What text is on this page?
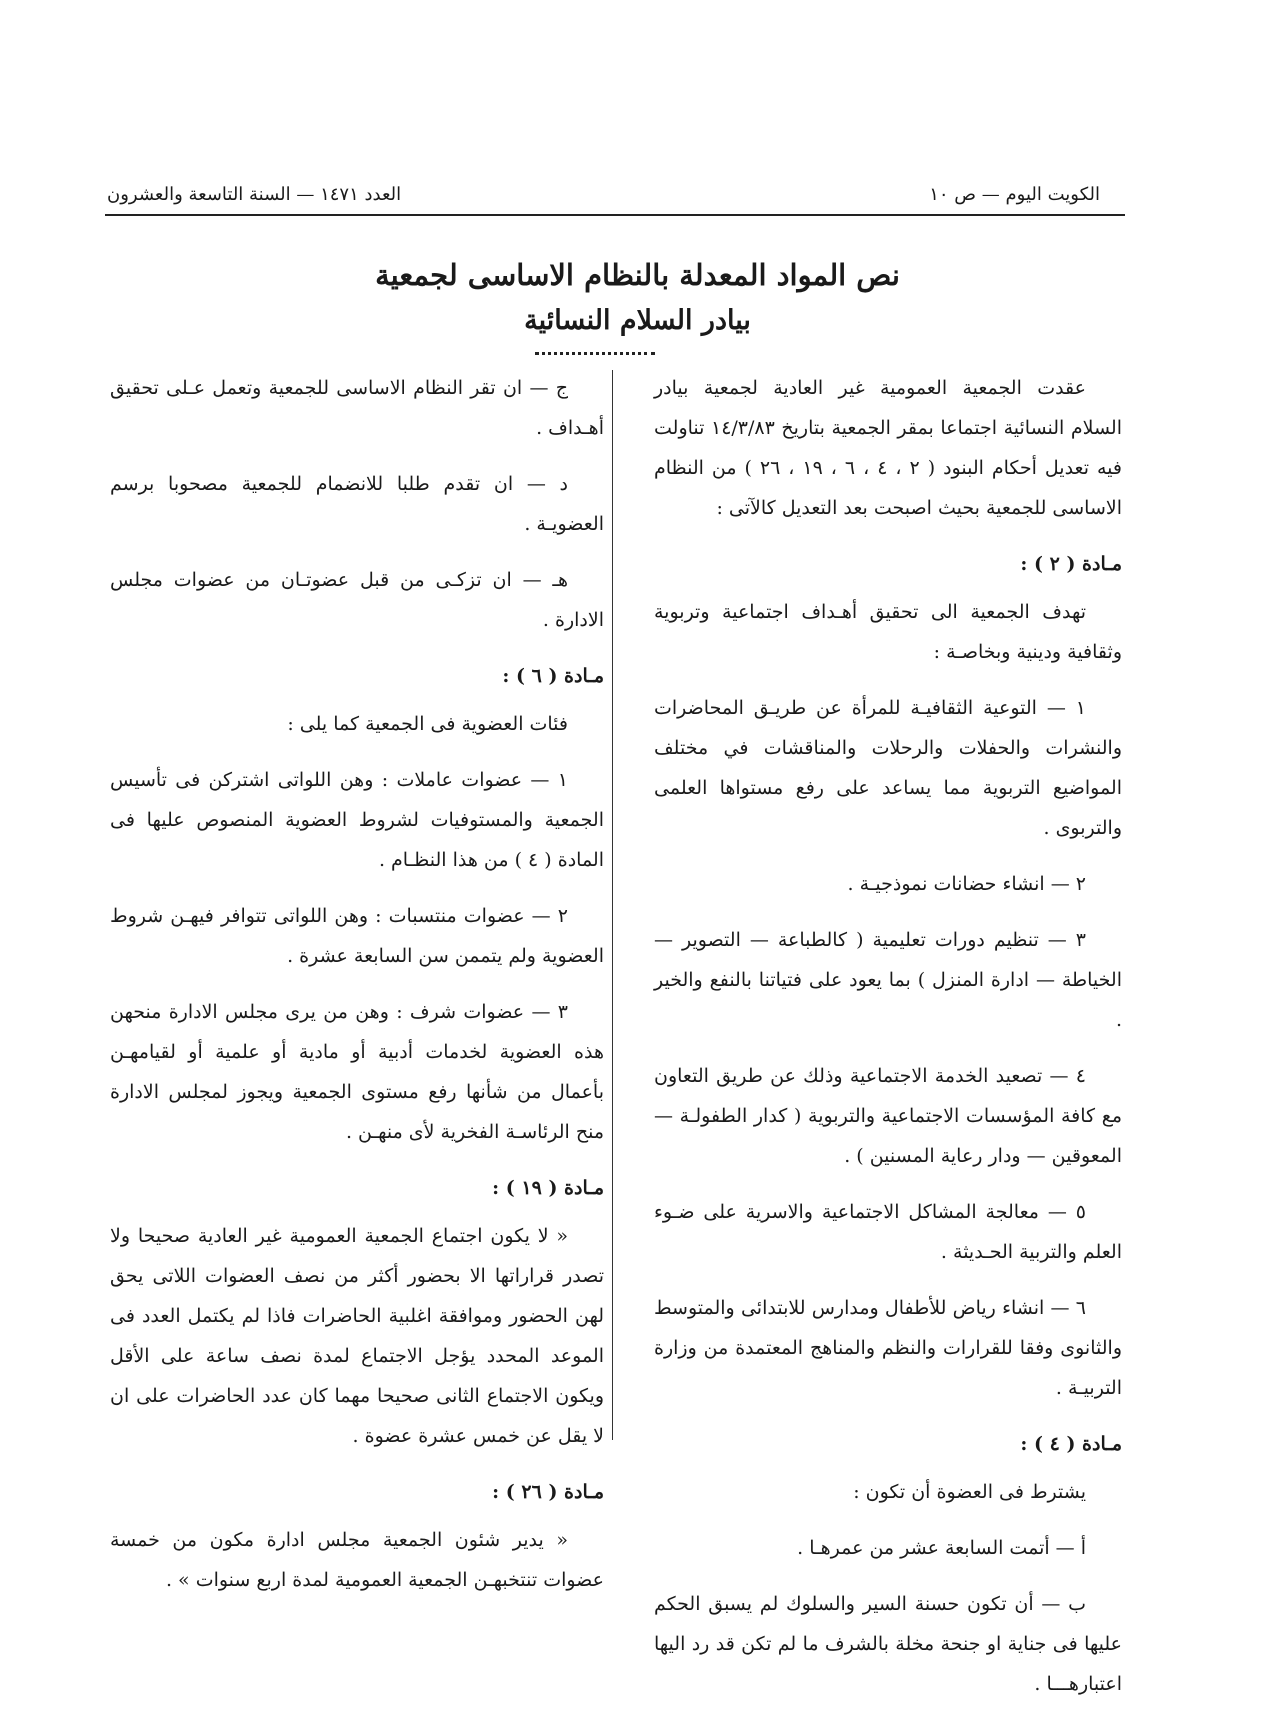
الكويت اليوم — ص ١٠
العدد ١٤٧١ — السنة التاسعة والعشرون
نص المواد المعدلة بالنظام الاساسى لجمعية
بيادر السلام النسائية

عقدت الجمعية العمومية غير العادية لجمعية بيادر السلام النسائية اجتماعا بمقر الجمعية بتاريخ ١٤/٣/٨٣ تناولت فيه تعديل أحكام البنود ( ٢ ، ٤ ، ٦ ، ١٩ ، ٢٦ ) من النظام الاساسى للجمعية بحيث اصبحت بعد التعديل كالآتى :

مـادة ( ٢ ) :

تهدف الجمعية الى تحقيق أهـداف اجتماعية وتربوية وثقافية ودينية وبخاصـة :

١ — التوعية الثقافيـة للمرأة عن طريـق المحاضرات والنشرات والحفلات والرحلات والمناقشات في مختلف المواضيع التربوية مما يساعد على رفع مستواها العلمى والتربوى .

٢ — انشاء حضانات نموذجيـة .

٣ — تنظيم دورات تعليمية ( كالطباعة — التصوير — الخياطة — ادارة المنزل ) بما يعود على فتياتنا بالنفع والخير .

٤ — تصعيد الخدمة الاجتماعية وذلك عن طريق التعاون مع كافة المؤسسات الاجتماعية والتربوية ( كدار الطفولـة — المعوقين — ودار رعاية المسنين ) .

٥ — معالجة المشاكل الاجتماعية والاسرية على ضـوء العلم والتربية الحـديثة .

٦ — انشاء رياض للأطفال ومدارس للابتدائى والمتوسط والثانوى وفقا للقرارات والنظم والمناهج المعتمدة من وزارة التربيـة .

مـادة ( ٤ ) :

يشترط فى العضوة أن تكون :

أ — أتمت السابعة عشر من عمرهـا .

ب — أن تكون حسنة السير والسلوك لم يسبق الحكم عليها فى جناية او جنحة مخلة بالشرف ما لم تكن قد رد اليها اعتبارهـــا .

ج — ان تقر النظام الاساسى للجمعية وتعمل عـلى تحقيق أهـداف .

د — ان تقدم طلبا للانضمام للجمعية مصحوبا برسم العضويـة .

هـ — ان تزكـى من قبل عضوتـان من عضوات مجلس الادارة .

مـادة ( ٦ ) :

فئات العضوية فى الجمعية كما يلى :

١ — عضوات عاملات : وهن اللواتى اشتركن فى تأسيس الجمعية والمستوفيات لشروط العضوية المنصوص عليها فى المادة ( ٤ ) من هذا النظـام .

٢ — عضوات منتسبات : وهن اللواتى تتوافر فيهـن شروط العضوية ولم يتممن سن السابعة عشرة .

٣ — عضوات شرف : وهن من يرى مجلس الادارة منحهن هذه العضوية لخدمات أدبية أو مادية أو علمية أو لقيامهـن بأعمال من شأنها رفع مستوى الجمعية ويجوز لمجلس الادارة منح الرئاسـة الفخرية لأى منهـن .

مـادة ( ١٩ ) :

« لا يكون اجتماع الجمعية العمومية غير العادية صحيحا ولا تصدر قراراتها الا بحضور أكثر من نصف العضوات اللاتى يحق لهن الحضور وموافقة اغلبية الحاضرات فاذا لم يكتمل العدد فى الموعد المحدد يؤجل الاجتماع لمدة نصف ساعة على الأقل ويكون الاجتماع الثانى صحيحا مهما كان عدد الحاضرات على ان لا يقل عن خمس عشرة عضوة .

مـادة ( ٢٦ ) :

« يدير شئون الجمعية مجلس ادارة مكون من خمسة عضوات تنتخبهـن الجمعية العمومية لمدة اربع سنوات » .
